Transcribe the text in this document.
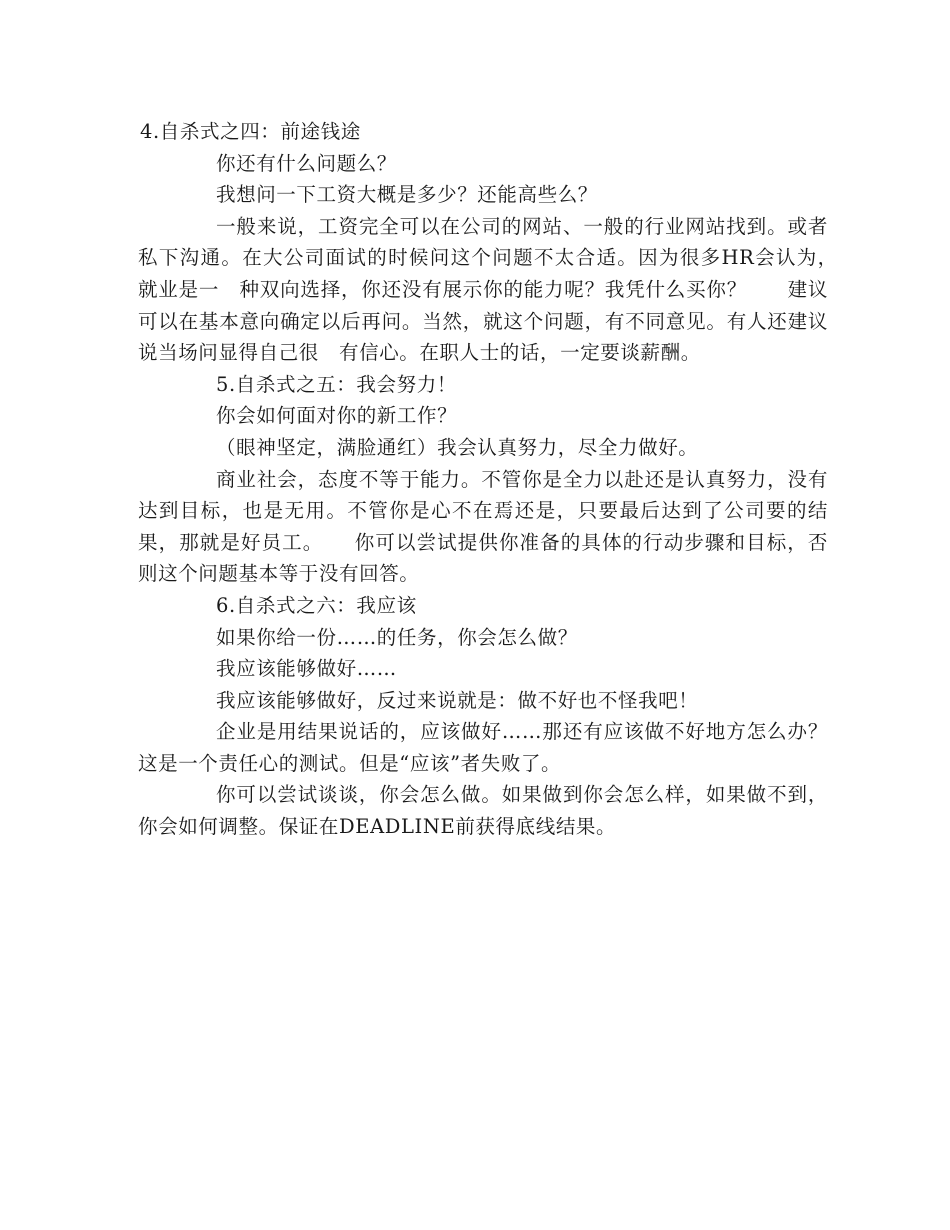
4.自杀式之四：前途钱途

你还有什么问题么？

我想问一下工资大概是多少？还能高些么？

一般来说，工资完全可以在公司的网站、一般的行业网站找到。或者私下沟通。在大公司面试的时候问这个问题不太合适。因为很多HR会认为，　就业是一　种双向选择，你还没有展示你的能力呢？我凭什么买你？　　建议可以在基本意向确定以后再问。当然，就这个问题，有不同意见。有人还建议说当场问显得自己很　有信心。在职人士的话，一定要谈薪酬。

5.自杀式之五：我会努力！

你会如何面对你的新工作？

（眼神坚定，满脸通红）我会认真努力，尽全力做好。

商业社会，态度不等于能力。不管你是全力以赴还是认真努力，没有达到目标，也是无用。不管你是心不在焉还是，只要最后达到了公司要的结果，那就是好员工。　　你可以尝试提供你准备的具体的行动步骤和目标，否则这个问题基本等于没有回答。

6.自杀式之六：我应该

如果你给一份……的任务，你会怎么做？

我应该能够做好……

我应该能够做好，反过来说就是：做不好也不怪我吧！

企业是用结果说话的，应该做好……那还有应该做不好地方怎么办？这是一个责任心的测试。但是“应该”者失败了。

你可以尝试谈谈，你会怎么做。如果做到你会怎么样，如果做不到，你会如何调整。保证在DEADLINE前获得底线结果。
